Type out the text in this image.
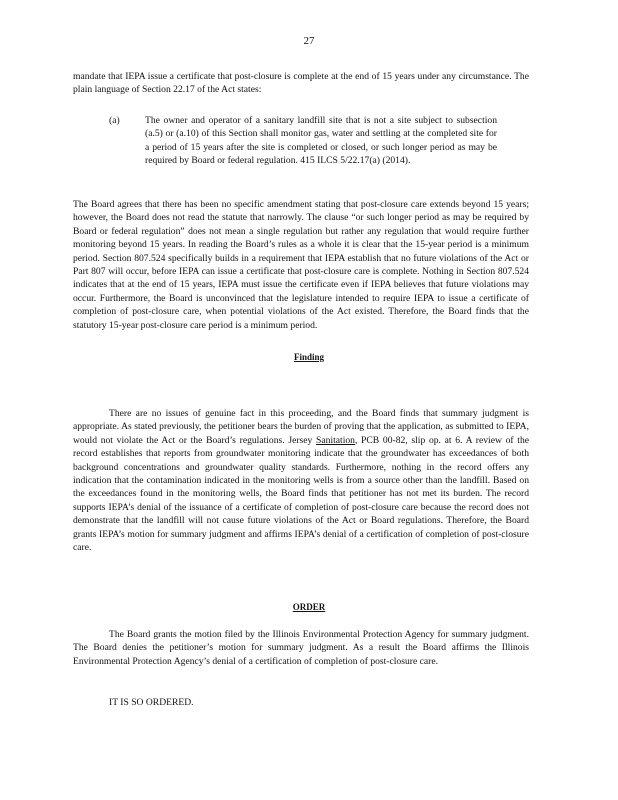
27

mandate that IEPA issue a certificate that post-closure is complete at the end of 15 years under any circumstance. The plain language of Section 22.17 of the Act states:

(a)	The owner and operator of a sanitary landfill site that is not a site subject to subsection (a.5) or (a.10) of this Section shall monitor gas, water and settling at the completed site for a period of 15 years after the site is completed or closed, or such longer period as may be required by Board or federal regulation. 415 ILCS 5/22.17(a) (2014).

The Board agrees that there has been no specific amendment stating that post-closure care extends beyond 15 years; however, the Board does not read the statute that narrowly. The clause “or such longer period as may be required by Board or federal regulation” does not mean a single regulation but rather any regulation that would require further monitoring beyond 15 years. In reading the Board’s rules as a whole it is clear that the 15-year period is a minimum period. Section 807.524 specifically builds in a requirement that IEPA establish that no future violations of the Act or Part 807 will occur, before IEPA can issue a certificate that post-closure care is complete. Nothing in Section 807.524 indicates that at the end of 15 years, IEPA must issue the certificate even if IEPA believes that future violations may occur. Furthermore, the Board is unconvinced that the legislature intended to require IEPA to issue a certificate of completion of post-closure care, when potential violations of the Act existed. Therefore, the Board finds that the statutory 15-year post-closure care period is a minimum period.

Finding

There are no issues of genuine fact in this proceeding, and the Board finds that summary judgment is appropriate. As stated previously, the petitioner bears the burden of proving that the application, as submitted to IEPA, would not violate the Act or the Board’s regulations. Jersey Sanitation, PCB 00-82, slip op. at 6. A review of the record establishes that reports from groundwater monitoring indicate that the groundwater has exceedances of both background concentrations and groundwater quality standards. Furthermore, nothing in the record offers any indication that the contamination indicated in the monitoring wells is from a source other than the landfill. Based on the exceedances found in the monitoring wells, the Board finds that petitioner has not met its burden. The record supports IEPA’s denial of the issuance of a certificate of completion of post-closure care because the record does not demonstrate that the landfill will not cause future violations of the Act or Board regulations. Therefore, the Board grants IEPA’s motion for summary judgment and affirms IEPA’s denial of a certification of completion of post-closure care.

ORDER

The Board grants the motion filed by the Illinois Environmental Protection Agency for summary judgment. The Board denies the petitioner’s motion for summary judgment. As a result the Board affirms the Illinois Environmental Protection Agency’s denial of a certification of completion of post-closure care.

IT IS SO ORDERED.
